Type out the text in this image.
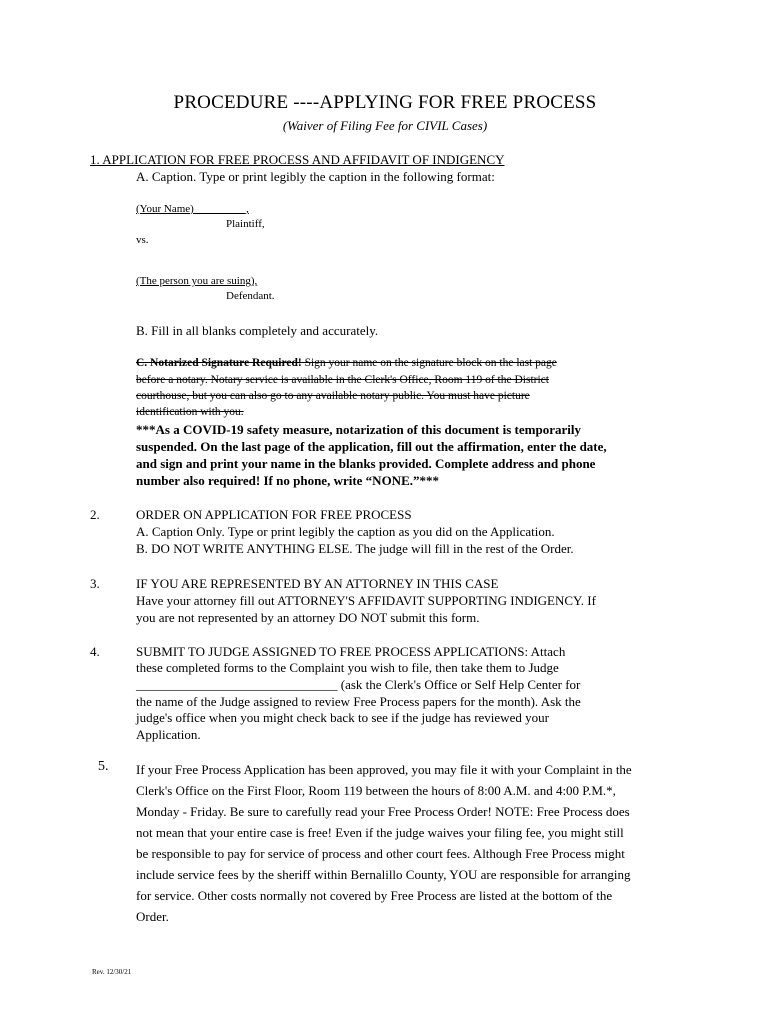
PROCEDURE ----APPLYING FOR FREE PROCESS
(Waiver of Filing Fee for CIVIL Cases)
1. APPLICATION FOR FREE PROCESS AND AFFIDAVIT OF INDIGENCY
A. Caption. Type or print legibly the caption in the following format:
(Your Name) _________,
Plaintiff,
vs.
(The person you are suing),
Defendant.
B. Fill in all blanks completely and accurately.
C. Notarized Signature Required! Sign your name on the signature block on the last page
before a notary. Notary service is available in the Clerk's Office, Room 119 of the District
courthouse, but you can also go to any available notary public. You must have picture
identification with you.
***As a COVID-19 safety measure, notarization of this document is temporarily
suspended. On the last page of the application, fill out the affirmation, enter the date,
and sign and print your name in the blanks provided. Complete address and phone
number also required! If no phone, write “NONE.”***
2.	ORDER ON APPLICATION FOR FREE PROCESS
A. Caption Only. Type or print legibly the caption as you did on the Application.
B. DO NOT WRITE ANYTHING ELSE. The judge will fill in the rest of the Order.
3.	IF YOU ARE REPRESENTED BY AN ATTORNEY IN THIS CASE
Have your attorney fill out ATTORNEY'S AFFIDAVIT SUPPORTING INDIGENCY. If
you are not represented by an attorney DO NOT submit this form.
4.	SUBMIT TO JUDGE ASSIGNED TO FREE PROCESS APPLICATIONS: Attach
these completed forms to the Complaint you wish to file, then take them to Judge
_______________________________ (ask the Clerk's Office or Self Help Center for
the name of the Judge assigned to review Free Process papers for the month). Ask the
judge's office when you might check back to see if the judge has reviewed your
Application.
5. If your Free Process Application has been approved, you may file it with your Complaint in the
Clerk's Office on the First Floor, Room 119 between the hours of 8:00 A.M. and 4:00 P.M.*,
Monday - Friday. Be sure to carefully read your Free Process Order! NOTE: Free Process does
not mean that your entire case is free! Even if the judge waives your filing fee, you might still
be responsible to pay for service of process and other court fees. Although Free Process might
include service fees by the sheriff within Bernalillo County, YOU are responsible for arranging
for service. Other costs normally not covered by Free Process are listed at the bottom of the
Order.
Rev. 12/30/21
